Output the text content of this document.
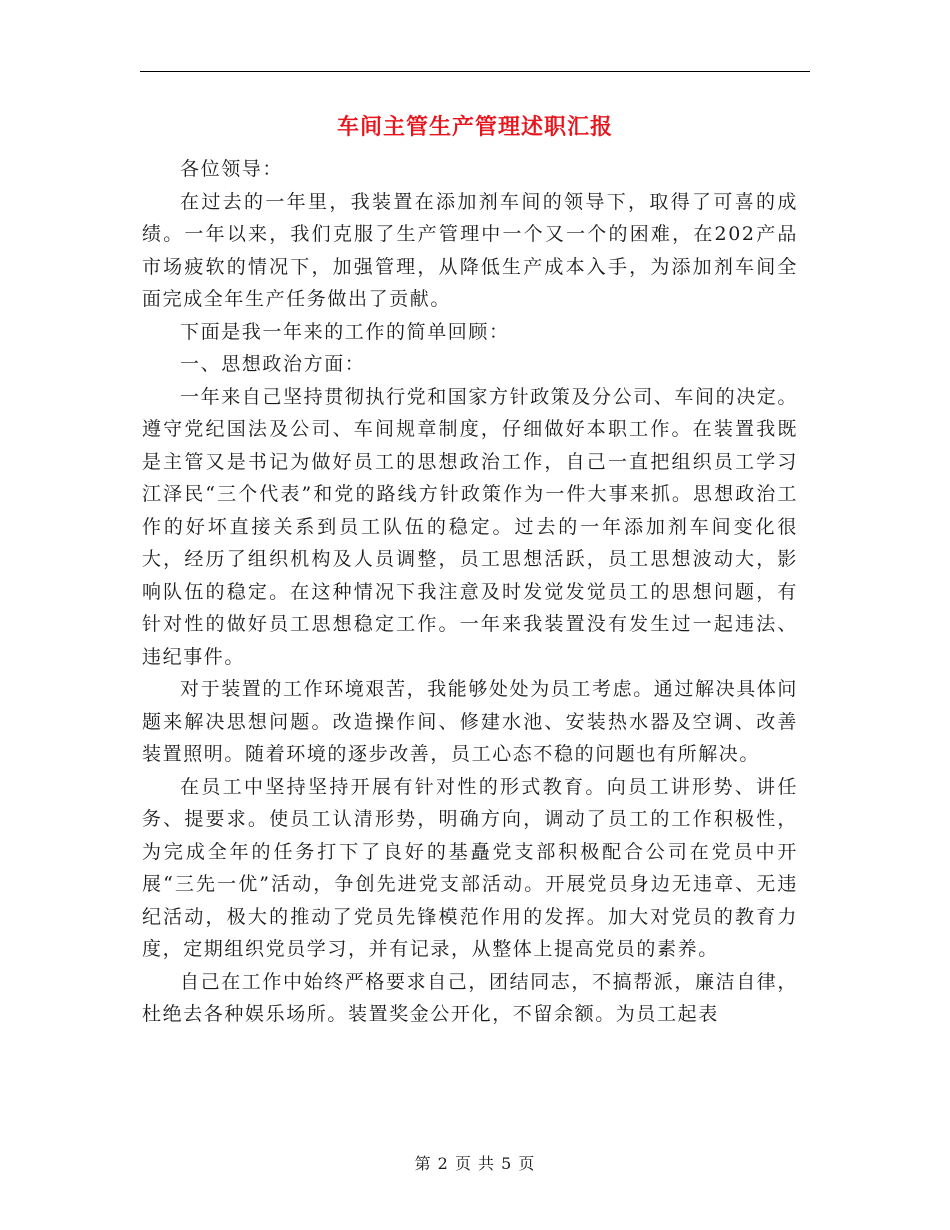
车间主管生产管理述职汇报

各位领导：

在过去的一年里，我装置在添加剂车间的领导下，取得了可喜的成绩。一年以来，我们克服了生产管理中一个又一个的困难，在202产品市场疲软的情况下，加强管理，从降低生产成本入手，为添加剂车间全面完成全年生产任务做出了贡献。

下面是我一年来的工作的简单回顾：

一、思想政治方面：

一年来自己坚持贯彻执行党和国家方针政策及分公司、车间的决定。遵守党纪国法及公司、车间规章制度，仔细做好本职工作。在装置我既是主管又是书记为做好员工的思想政治工作，自己一直把组织员工学习江泽民“三个代表”和党的路线方针政策作为一件大事来抓。思想政治工作的好坏直接关系到员工队伍的稳定。过去的一年添加剂车间变化很大，经历了组织机构及人员调整，员工思想活跃，员工思想波动大，影响队伍的稳定。在这种情况下我注意及时发觉发觉员工的思想问题，有针对性的做好员工思想稳定工作。一年来我装置没有发生过一起违法、违纪事件。

对于装置的工作环境艰苦，我能够处处为员工考虑。通过解决具体问题来解决思想问题。改造操作间、修建水池、安装热水器及空调、改善装置照明。随着环境的逐步改善，员工心态不稳的问题也有所解决。

在员工中坚持坚持开展有针对性的形式教育。向员工讲形势、讲任务、提要求。使员工认清形势，明确方向，调动了员工的工作积极性，为完成全年的任务打下了良好的基矗党支部积极配合公司在党员中开展“三先一优”活动，争创先进党支部活动。开展党员身边无违章、无违纪活动，极大的推动了党员先锋模范作用的发挥。加大对党员的教育力度，定期组织党员学习，并有记录，从整体上提高党员的素养。

自己在工作中始终严格要求自己，团结同志，不搞帮派，廉洁自律，杜绝去各种娱乐场所。装置奖金公开化，不留余额。为员工起表

第 2 页 共 5 页
